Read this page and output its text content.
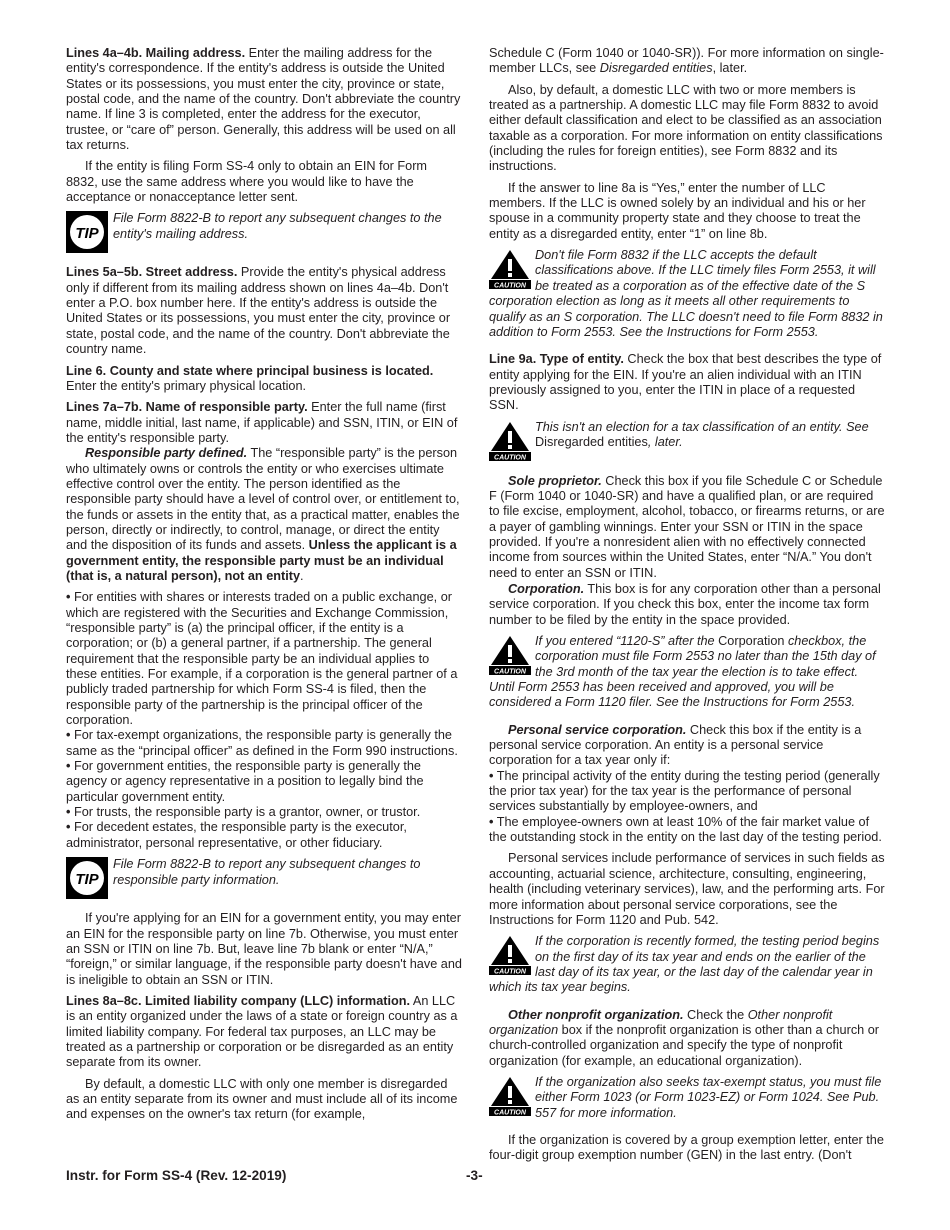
Lines 4a–4b. Mailing address. Enter the mailing address for the entity's correspondence. If the entity's address is outside the United States or its possessions, you must enter the city, province or state, postal code, and the name of the country. Don't abbreviate the country name. If line 3 is completed, enter the address for the executor, trustee, or “care of” person. Generally, this address will be used on all tax returns.

If the entity is filing Form SS-4 only to obtain an EIN for Form 8832, use the same address where you would like to have the acceptance or nonacceptance letter sent.

TIP
File Form 8822-B to report any subsequent changes to the entity's mailing address.

Lines 5a–5b. Street address. Provide the entity's physical address only if different from its mailing address shown on lines 4a–4b. Don't enter a P.O. box number here. If the entity's address is outside the United States or its possessions, you must enter the city, province or state, postal code, and the name of the country. Don't abbreviate the country name.

Line 6. County and state where principal business is located. Enter the entity's primary physical location.

Lines 7a–7b. Name of responsible party. Enter the full name (first name, middle initial, last name, if applicable) and SSN, ITIN, or EIN of the entity's responsible party.

Responsible party defined. The “responsible party” is the person who ultimately owns or controls the entity or who exercises ultimate effective control over the entity. The person identified as the responsible party should have a level of control over, or entitlement to, the funds or assets in the entity that, as a practical matter, enables the person, directly or indirectly, to control, manage, or direct the entity and the disposition of its funds and assets. Unless the applicant is a government entity, the responsible party must be an individual (that is, a natural person), not an entity.

• For entities with shares or interests traded on a public exchange, or which are registered with the Securities and Exchange Commission, “responsible party” is (a) the principal officer, if the entity is a corporation; or (b) a general partner, if a partnership. The general requirement that the responsible party be an individual applies to these entities. For example, if a corporation is the general partner of a publicly traded partnership for which Form SS-4 is filed, then the responsible party of the partnership is the principal officer of the corporation.

• For tax-exempt organizations, the responsible party is generally the same as the “principal officer” as defined in the Form 990 instructions.

• For government entities, the responsible party is generally the agency or agency representative in a position to legally bind the particular government entity.

• For trusts, the responsible party is a grantor, owner, or trustor.

• For decedent estates, the responsible party is the executor, administrator, personal representative, or other fiduciary.

TIP
File Form 8822-B to report any subsequent changes to responsible party information.

If you're applying for an EIN for a government entity, you may enter an EIN for the responsible party on line 7b. Otherwise, you must enter an SSN or ITIN on line 7b. But, leave line 7b blank or enter “N/A,” “foreign,” or similar language, if the responsible party doesn't have and is ineligible to obtain an SSN or ITIN.

Lines 8a–8c. Limited liability company (LLC) information. An LLC is an entity organized under the laws of a state or foreign country as a limited liability company. For federal tax purposes, an LLC may be treated as a partnership or corporation or be disregarded as an entity separate from its owner.

By default, a domestic LLC with only one member is disregarded as an entity separate from its owner and must include all of its income and expenses on the owner's tax return (for example,

Schedule C (Form 1040 or 1040-SR)). For more information on single-member LLCs, see Disregarded entities, later.

Also, by default, a domestic LLC with two or more members is treated as a partnership. A domestic LLC may file Form 8832 to avoid either default classification and elect to be classified as an association taxable as a corporation. For more information on entity classifications (including the rules for foreign entities), see Form 8832 and its instructions.

If the answer to line 8a is “Yes,” enter the number of LLC members. If the LLC is owned solely by an individual and his or her spouse in a community property state and they choose to treat the entity as a disregarded entity, enter “1” on line 8b.

CAUTION
Don't file Form 8832 if the LLC accepts the default classifications above. If the LLC timely files Form 2553, it will be treated as a corporation as of the effective date of the S corporation election as long as it meets all other requirements to qualify as an S corporation. The LLC doesn't need to file Form 8832 in addition to Form 2553. See the Instructions for Form 2553.

Line 9a. Type of entity. Check the box that best describes the type of entity applying for the EIN. If you're an alien individual with an ITIN previously assigned to you, enter the ITIN in place of a requested SSN.

CAUTION
This isn't an election for a tax classification of an entity. See Disregarded entities, later.

Sole proprietor. Check this box if you file Schedule C or Schedule F (Form 1040 or 1040-SR) and have a qualified plan, or are required to file excise, employment, alcohol, tobacco, or firearms returns, or are a payer of gambling winnings. Enter your SSN or ITIN in the space provided. If you're a nonresident alien with no effectively connected income from sources within the United States, enter “N/A.” You don't need to enter an SSN or ITIN.

Corporation. This box is for any corporation other than a personal service corporation. If you check this box, enter the income tax form number to be filed by the entity in the space provided.

CAUTION
If you entered “1120-S” after the Corporation checkbox, the corporation must file Form 2553 no later than the 15th day of the 3rd month of the tax year the election is to take effect. Until Form 2553 has been received and approved, you will be considered a Form 1120 filer. See the Instructions for Form 2553.

Personal service corporation. Check this box if the entity is a personal service corporation. An entity is a personal service corporation for a tax year only if:

• The principal activity of the entity during the testing period (generally the prior tax year) for the tax year is the performance of personal services substantially by employee-owners, and

• The employee-owners own at least 10% of the fair market value of the outstanding stock in the entity on the last day of the testing period.

Personal services include performance of services in such fields as accounting, actuarial science, architecture, consulting, engineering, health (including veterinary services), law, and the performing arts. For more information about personal service corporations, see the Instructions for Form 1120 and Pub. 542.

CAUTION
If the corporation is recently formed, the testing period begins on the first day of its tax year and ends on the earlier of the last day of its tax year, or the last day of the calendar year in which its tax year begins.

Other nonprofit organization. Check the Other nonprofit organization box if the nonprofit organization is other than a church or church-controlled organization and specify the type of nonprofit organization (for example, an educational organization).

CAUTION
If the organization also seeks tax-exempt status, you must file either Form 1023 (or Form 1023-EZ) or Form 1024. See Pub. 557 for more information.

If the organization is covered by a group exemption letter, enter the four-digit group exemption number (GEN) in the last entry. (Don't

Instr. for Form SS-4 (Rev. 12-2019)	-3-
